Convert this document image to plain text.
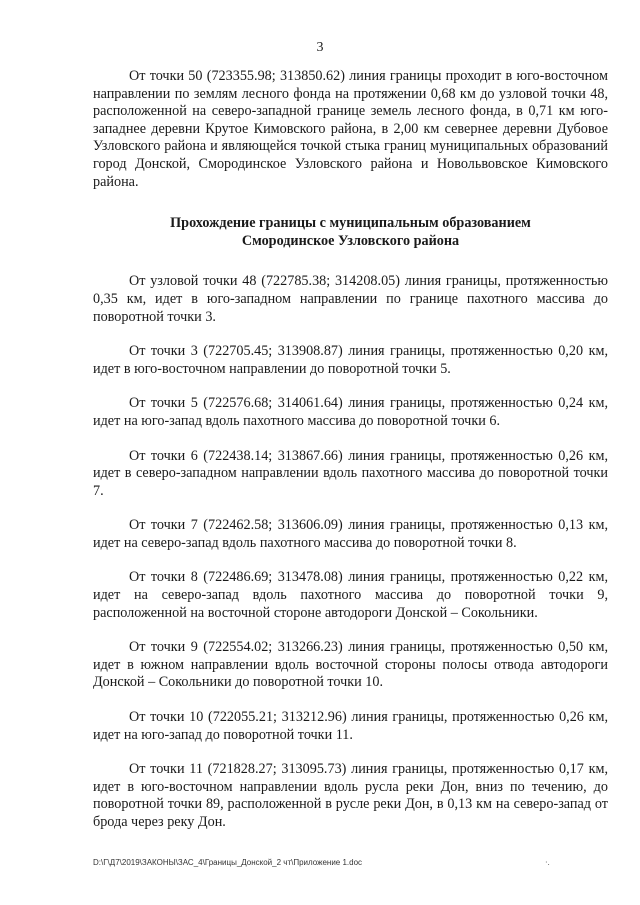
3

От точки 50 (723355.98; 313850.62) линия границы проходит в юго-восточном направлении по землям лесного фонда на протяжении 0,68 км до узловой точки 48, расположенной на северо-западной границе земель лесного фонда, в 0,71 км юго-западнее деревни Крутое Кимовского района, в 2,00 км севернее деревни Дубовое Узловского района и являющейся точкой стыка границ муниципальных образований город Донской, Смородинское Узловского района и Новольвовское Кимовского района.

Прохождение границы с муниципальным образованием Смородинское Узловского района

От узловой точки 48 (722785.38; 314208.05) линия границы, протяженностью 0,35 км, идет в юго-западном направлении по границе пахотного массива до поворотной точки 3.

От точки 3 (722705.45; 313908.87) линия границы, протяженностью 0,20 км, идет в юго-восточном направлении до поворотной точки 5.

От точки 5 (722576.68; 314061.64) линия границы, протяженностью 0,24 км, идет на юго-запад вдоль пахотного массива до поворотной точки 6.

От точки 6 (722438.14; 313867.66) линия границы, протяженностью 0,26 км, идет в северо-западном направлении вдоль пахотного массива до поворотной точки 7.

От точки 7 (722462.58; 313606.09) линия границы, протяженностью 0,13 км, идет на северо-запад вдоль пахотного массива до поворотной точки 8.

От точки 8 (722486.69; 313478.08) линия границы, протяженностью 0,22 км, идет на северо-запад вдоль пахотного массива до поворотной точки 9, расположенной на восточной стороне автодороги Донской – Сокольники.

От точки 9 (722554.02; 313266.23) линия границы, протяженностью 0,50 км, идет в южном направлении вдоль восточной стороны полосы отвода автодороги Донской – Сокольники до поворотной точки 10.

От точки 10 (722055.21; 313212.96) линия границы, протяженностью 0,26 км, идет на юго-запад до поворотной точки 11.

От точки 11 (721828.27; 313095.73) линия границы, протяженностью 0,17 км, идет в юго-восточном направлении вдоль русла реки Дон, вниз по течению, до поворотной точки 89, расположенной в русле реки Дон, в 0,13 км на северо-запад от брода через реку Дон.

D:\Г\Д7\2019\ЗАКОНЫ\ЗАС_4\Границы_Донской_2 чт\Приложение 1.doc	·.
